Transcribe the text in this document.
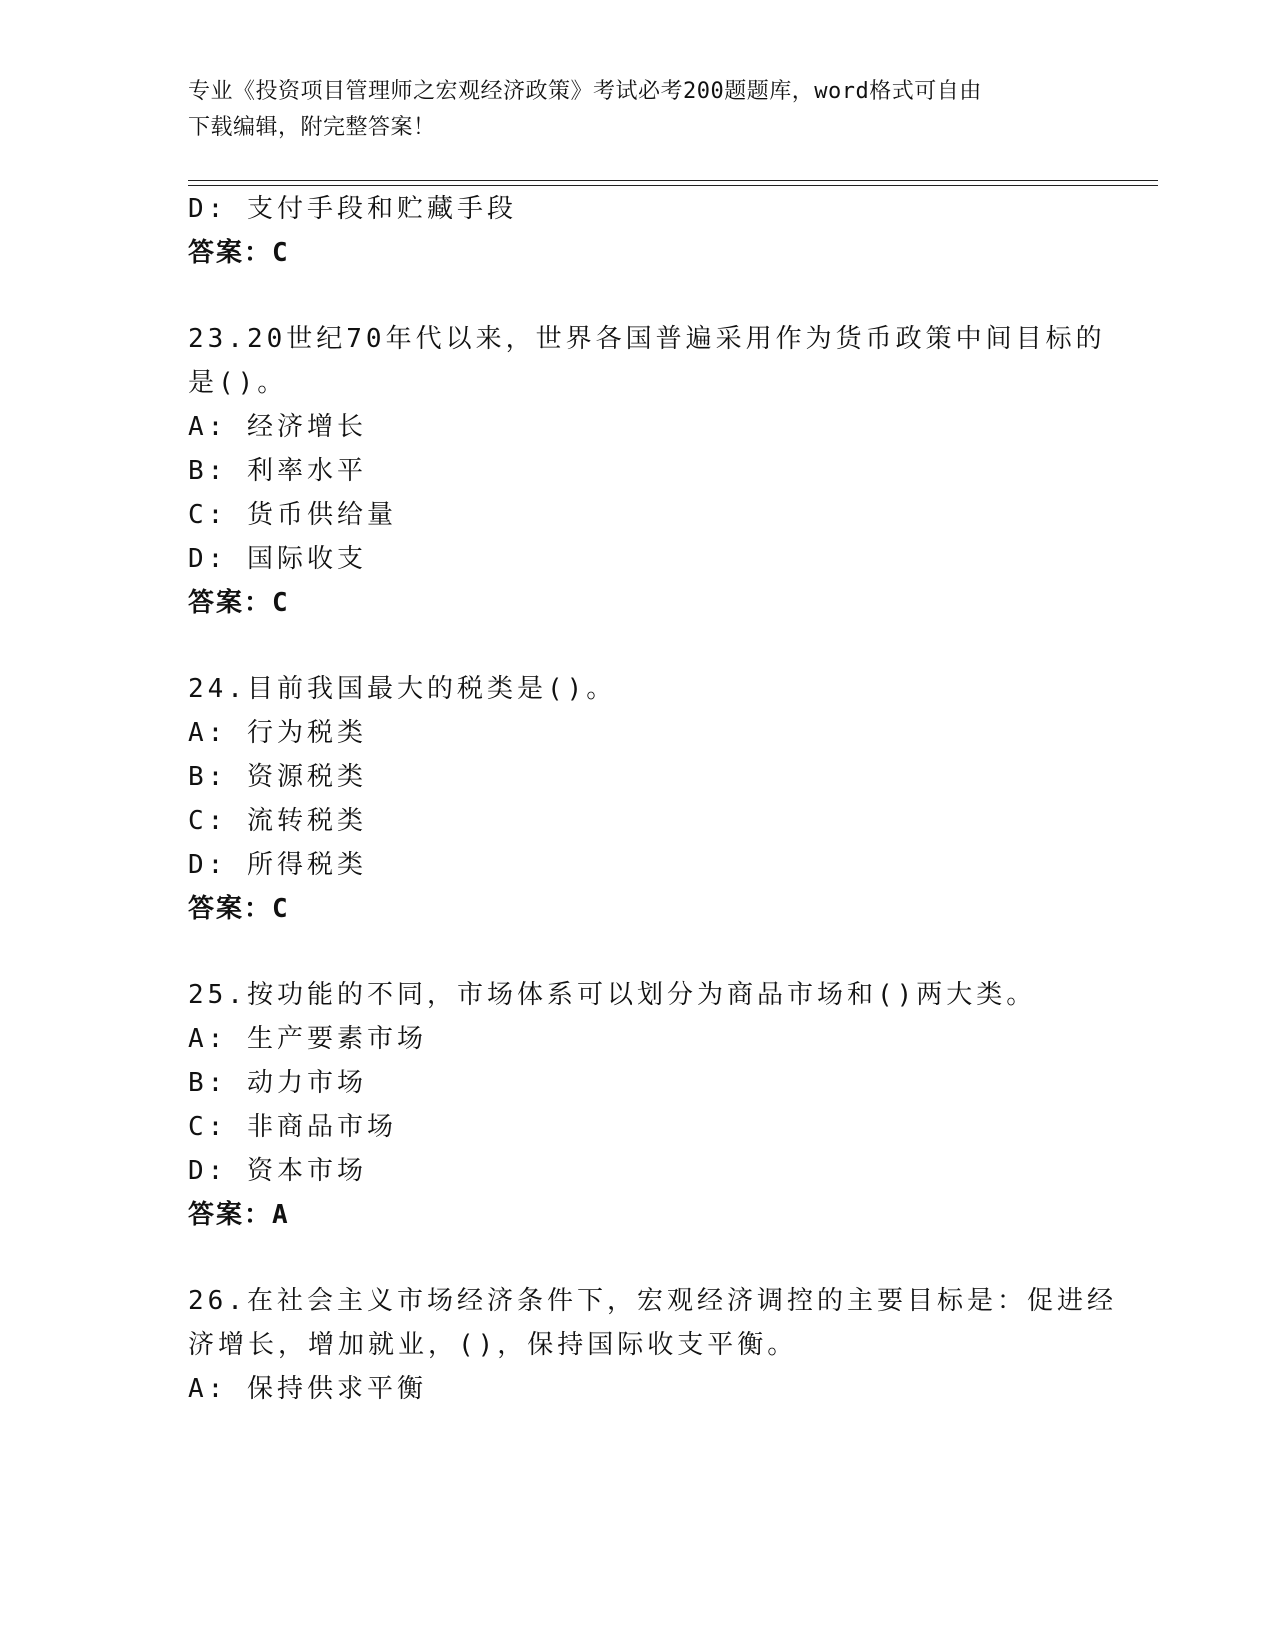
专业《投资项目管理师之宏观经济政策》考试必考200题题库，word格式可自由
下载编辑，附完整答案！
D: 支付手段和贮藏手段
答案：C
23.20世纪70年代以来，世界各国普遍采用作为货币政策中间目标的
是()。
A: 经济增长
B: 利率水平
C: 货币供给量
D: 国际收支
答案：C
24.目前我国最大的税类是()。
A: 行为税类
B: 资源税类
C: 流转税类
D: 所得税类
答案：C
25.按功能的不同，市场体系可以划分为商品市场和()两大类。
A: 生产要素市场
B: 动力市场
C: 非商品市场
D: 资本市场
答案：A
26.在社会主义市场经济条件下，宏观经济调控的主要目标是：促进经
济增长，增加就业，()，保持国际收支平衡。
A: 保持供求平衡
